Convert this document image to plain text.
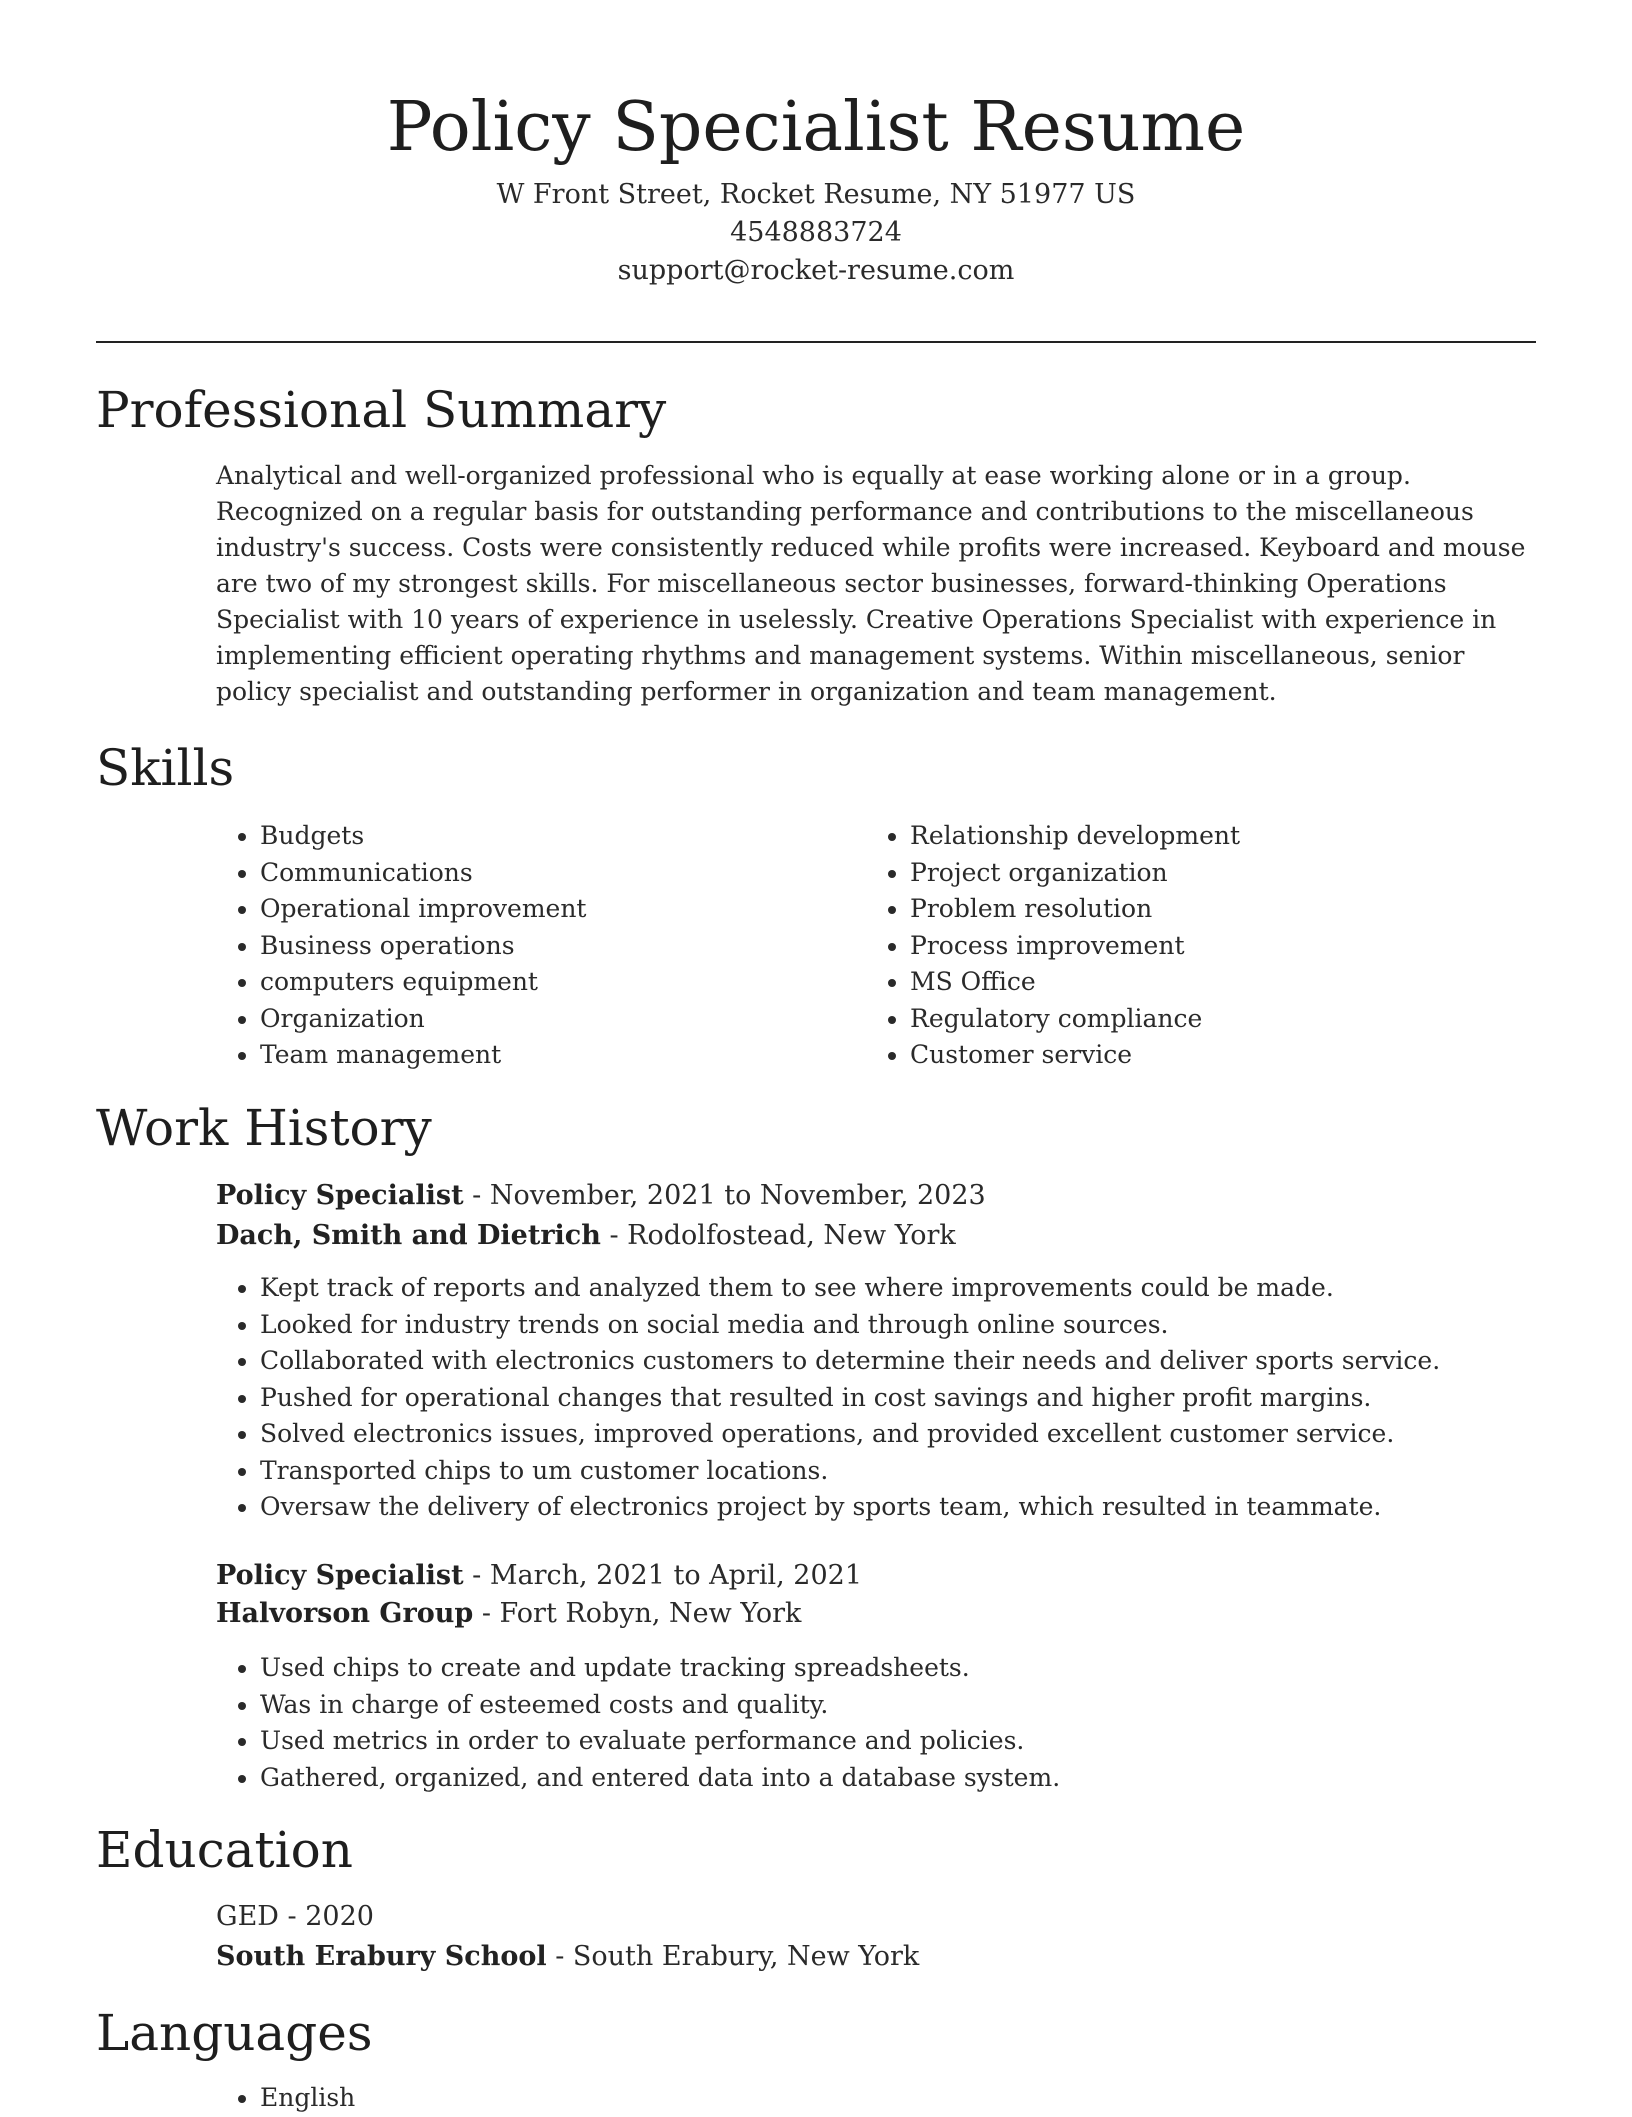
Policy Specialist Resume
W Front Street, Rocket Resume, NY 51977 US
4548883724
support@rocket-resume.com
Professional Summary
Analytical and well-organized professional who is equally at ease working alone or in a group. Recognized on a regular basis for outstanding performance and contributions to the miscellaneous industry's success. Costs were consistently reduced while profits were increased. Keyboard and mouse are two of my strongest skills. For miscellaneous sector businesses, forward-thinking Operations Specialist with 10 years of experience in uselessly. Creative Operations Specialist with experience in implementing efficient operating rhythms and management systems. Within miscellaneous, senior policy specialist and outstanding performer in organization and team management.
Skills
• Budgets
• Communications
• Operational improvement
• Business operations
• computers equipment
• Organization
• Team management
• Relationship development
• Project organization
• Problem resolution
• Process improvement
• MS Office
• Regulatory compliance
• Customer service
Work History
Policy Specialist - November, 2021 to November, 2023
Dach, Smith and Dietrich - Rodolfostead, New York
• Kept track of reports and analyzed them to see where improvements could be made.
• Looked for industry trends on social media and through online sources.
• Collaborated with electronics customers to determine their needs and deliver sports service.
• Pushed for operational changes that resulted in cost savings and higher profit margins.
• Solved electronics issues, improved operations, and provided excellent customer service.
• Transported chips to um customer locations.
• Oversaw the delivery of electronics project by sports team, which resulted in teammate.
Policy Specialist - March, 2021 to April, 2021
Halvorson Group - Fort Robyn, New York
• Used chips to create and update tracking spreadsheets.
• Was in charge of esteemed costs and quality.
• Used metrics in order to evaluate performance and policies.
• Gathered, organized, and entered data into a database system.
Education
GED - 2020
South Erabury School - South Erabury, New York
Languages
• English
